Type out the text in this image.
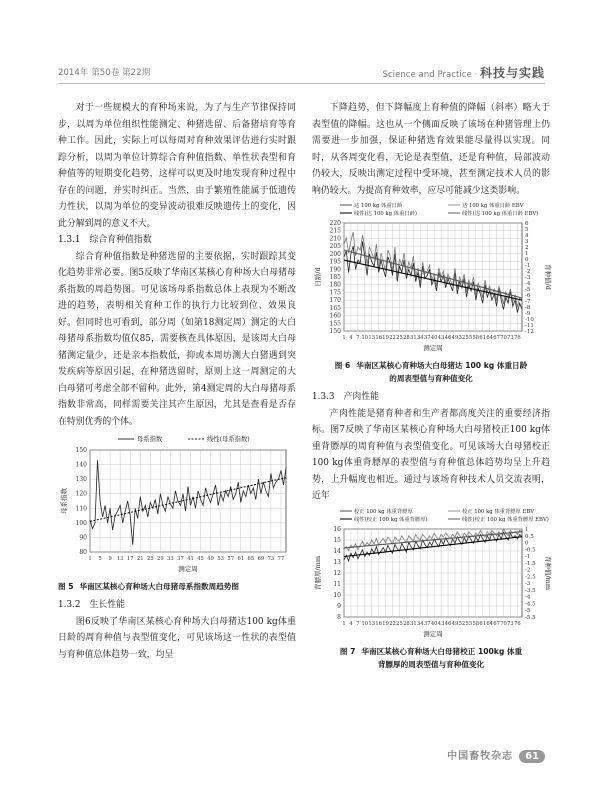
2014年 第50卷 第22期	Science and Practice · 科技与实践

对于一些规模大的育种场来说，为了与生产节律保持同步，以周为单位组织性能测定、种猪选留、后备猪培育等育种工作。因此，实际上可以每周对育种效果评估进行实时跟踪分析，以周为单位计算综合育种值指数、单性状表型和育种值等的短期变化趋势，这样可以更及时地发现育种过程中存在的问题，并实时纠正。当然，由于繁殖性能属于低遗传力性状，以周为单位的变异波动很难反映遗传上的变化，因此分解到周的意义不大。

1.3.1　综合育种值指数

综合育种值指数是种猪选留的主要依据，实时跟踪其变化趋势非常必要。图5反映了华南区某核心育种场大白母猪母系指数的周趋势图。可见该场母系指数总体上表现为不断改进的趋势，表明相关育种工作的执行力比较到位、效果良好。但同时也可看到，部分周（如第18测定周）测定的大白母猪母系指数均值仅85，需要核查具体原因，是该周大白母猪测定量少，还是亲本指数低，抑或本周坊测大白猪遇到突发疾病等原因引起，在种猪选留时，原则上这一周测定的大白母猪可考虑全部不留种。此外，第4测定周的大白母猪母系指数非常高，同样需要关注其产生原因，尤其是查看是否存在特别优秀的个体。

80
90
100
110
120
130
140
150
1 5 9 13 17 21 25 29 33 37 41 45 49 53 57 61 65 69 73 77
测定周
母系指数
母系指数	线性(母系指数)
图 5 华南区某核心育种场大白母猪母系指数周趋势图
1.3.2　生长性能

图6反映了华南区某核心育种场大白母猪达100 kg体重日龄的周育种值与表型值变化，可见该场这一性状的表型值与育种值总体趋势一致，均呈

下降趋势，但下降幅度上育种值的降幅（斜率）略大于表型值的降幅。这也从一个侧面反映了该场在种猪管理上仍需要进一步加强，保证种猪选育效果能尽量得以实现。同时，从各周变化看，无论是表型值，还是育种值，局部波动仍较大，反映出测定过程中受环境，甚至测定技术人员的影响仍较大。为提高育种效率，应尽可能减少这类影响。

150
155
160
165
170
175
180
185
190
195
200
205
210
215
220	6
5
4
3
2
1
0
-1
-2
-3
-4
-5
-6
-7
-8
-9
-10
-11
-12
1 4 7 10 13 16 19 22 25 28 31 34 37 40 43 46 49 52 55 58 61 64 67 70 73 76
测定周
日龄/d	育种值/d
达 100 kg 体重日龄	达 100 kg 体重日龄 EBV
线性(达 100 kg 体重日龄)	线性(达 100 kg 体重日龄 EBV)
图 6 华南区某核心育种场大白母猪达 100 kg 体重日龄
的周表型值与育种值变化
1.3.3　产肉性能

产肉性能是猪育种者和生产者都高度关注的重要经济指标。图7反映了华南区某核心育种场大白母猪校正100 kg体重背膘厚的周育种值与表型值变化。可见该场大白母猪校正100 kg体重背膘厚的表型值与育种值总体趋势均呈上升趋势，上升幅度也相近。通过与该场育种技术人员交流表明，近年

8
9
10
11
12
13
14
15
16	1
0.5
0
-0.5
-1
-1.5
-2
-2.5
-3
-3.5
-4
-4.5
-5
-5.5
1 4 7 10 13 16 19 22 25 28 31 34 37 40 43 46 49 52 55 58 61 64 67 70 73 76
测定周
背膘厚/mm	育种值/mm
校正 100 kg 体重背膘厚	校正 100 kg 体重背膘厚 EBV
线性(校正 100 kg 体重背膘厚)	线性(校正 100 kg 体重背膘厚 EBV)
图 7 华南区某核心育种场大白母猪校正 100kg 体重
背膘厚的周表型值与育种值变化
中国畜牧杂志 61
